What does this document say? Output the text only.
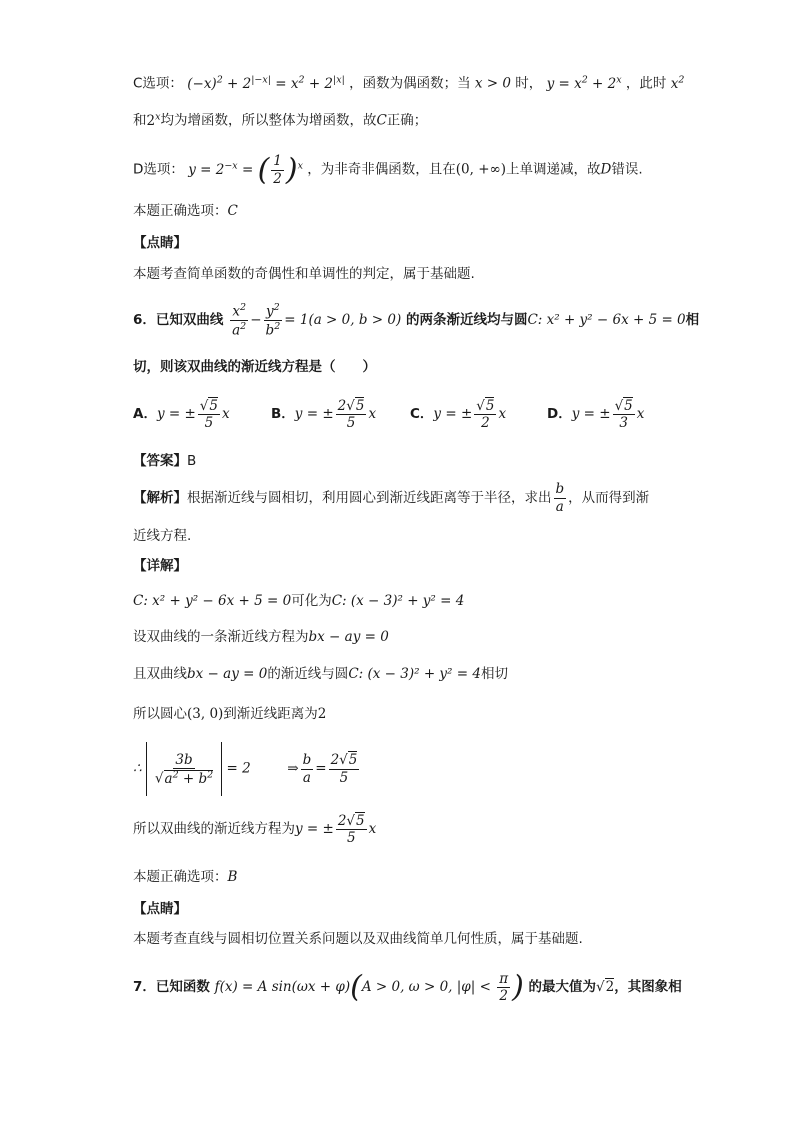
C选项： $(-x)^2 + 2^{|-x|} = x^2 + 2^{|x|}$ ，函数为偶函数；当 x > 0 时， $y = x^2 + 2^x$ ，此时 $x^2$
和2$^x$均为增函数，所以整体为增函数，故C正确；
D选项： $y = 2^{-x}$ = ( $\frac{1}{2} )^x$ ，为非奇非偶函数，且在(0, +∞)上单调递减，故D错误.
本题正确选项：C
【点睛】
本题考查简单函数的奇偶性和单调性的判定，属于基础题.
6．已知双曲线 $\frac{x^2}{a^2} - \frac{y^2}{b^2} = 1(a > 0$, b > 0) 的两条渐近线均与圆C: x² + y² − 6x + 5 = 0相
切，则该双曲线的渐近线方程是（　　）
A．y = ± $\frac{√5}{5}$ x	B．y = ± $\frac{2√5}{5}$ x	C．y = ± $\frac{√5}{2}$ x	D．y = ± $\frac{√5}{3}$ x
【答案】B
【解析】根据渐近线与圆相切，利用圆心到渐近线距离等于半径，求出 $\frac{b}{a}$ ，从而得到渐
近线方程.
【详解】
C: x² + y² − 6x + 5 = 0可化为C: (x − 3)² + y² = 4
设双曲线的一条渐近线方程为bx − ay = 0
且双曲线bx − ay = 0的渐近线与圆C: (x − 3)² + y² = 4相切
所以圆心(3, 0)到渐近线距离为2
∴ $\frac{3b}{√a^2 + b^2} = 2$	⇒ $\frac{b}{a} = \frac{2√5}{5}$
所以双曲线的渐近线方程为y = ± $\frac{2√5}{5}$ x
本题正确选项：B
【点睛】
本题考查直线与圆相切位置关系问题以及双曲线简单几何性质，属于基础题.
7．已知函数 f(x) = A sin(ωx + φ)(A > 0, ω > 0, $|\varphi| < \frac{\pi}{2}$ ) 的最大值为√2，其图象相
